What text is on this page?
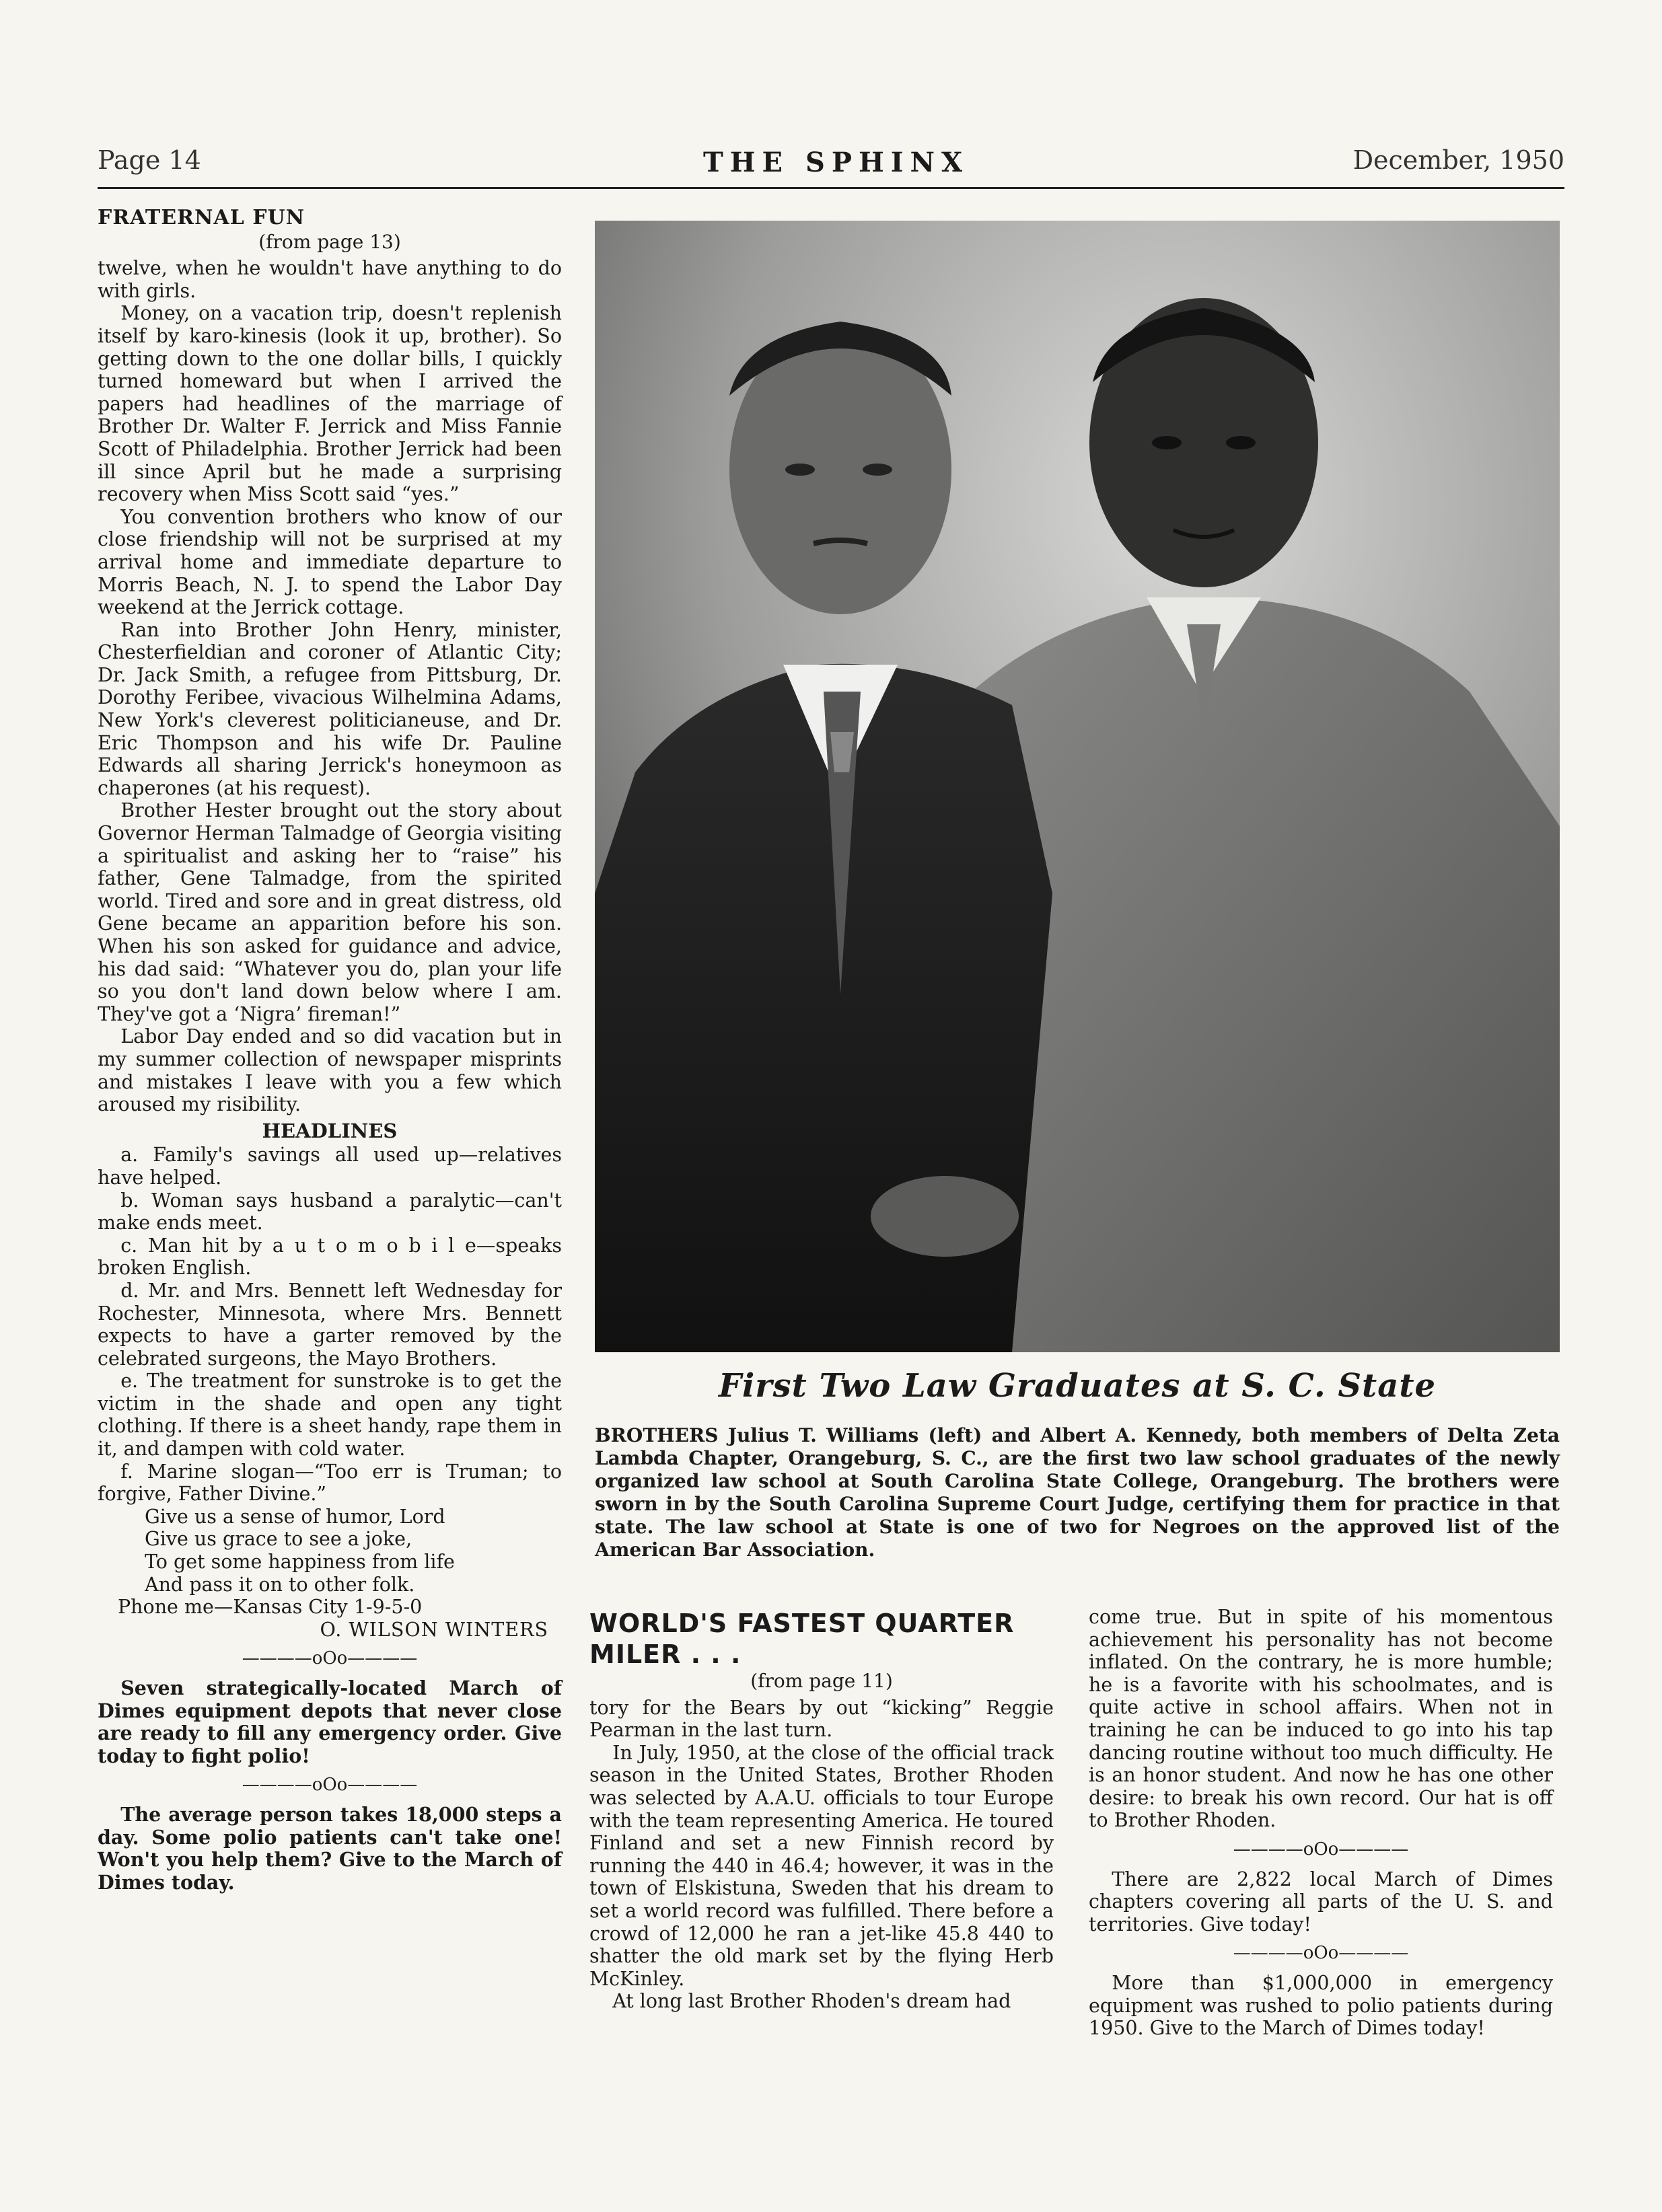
Page 14	THE SPHINX	December, 1950

FRATERNAL FUN

(from page 13)

twelve, when he wouldn't have anything to do with girls.

Money, on a vacation trip, doesn't replenish itself by karo-kinesis (look it up, brother). So getting down to the one dollar bills, I quickly turned homeward but when I arrived the papers had headlines of the marriage of Brother Dr. Walter F. Jerrick and Miss Fannie Scott of Philadelphia. Brother Jerrick had been ill since April but he made a surprising recovery when Miss Scott said “yes.”

You convention brothers who know of our close friendship will not be surprised at my arrival home and immediate departure to Morris Beach, N. J. to spend the Labor Day weekend at the Jerrick cottage.

Ran into Brother John Henry, minister, Chesterfieldian and coroner of Atlantic City; Dr. Jack Smith, a refugee from Pittsburg, Dr. Dorothy Feribee, vivacious Wilhelmina Adams, New York's cleverest politicianeuse, and Dr. Eric Thompson and his wife Dr. Pauline Edwards all sharing Jerrick's honeymoon as chaperones (at his request).

Brother Hester brought out the story about Governor Herman Talmadge of Georgia visiting a spiritualist and asking her to “raise” his father, Gene Talmadge, from the spirited world. Tired and sore and in great distress, old Gene became an apparition before his son. When his son asked for guidance and advice, his dad said: “Whatever you do, plan your life so you don't land down below where I am. They've got a ‘Nigra’ fireman!”

Labor Day ended and so did vacation but in my summer collection of newspaper misprints and mistakes I leave with you a few which aroused my risibility.

HEADLINES

a. Family's savings all used up—relatives have helped.
b. Woman says husband a paralytic—can't make ends meet.
c. Man hit by a u t o m o b i l e—speaks broken English.
d. Mr. and Mrs. Bennett left Wednesday for Rochester, Minnesota, where Mrs. Bennett expects to have a garter removed by the celebrated surgeons, the Mayo Brothers.
e. The treatment for sunstroke is to get the victim in the shade and open any tight clothing. If there is a sheet handy, rape them in it, and dampen with cold water.
f. Marine slogan—“Too err is Truman; to forgive, Father Divine.”

Give us a sense of humor, Lord

Give us grace to see a joke,

To get some happiness from life

And pass it on to other folk.

Phone me—Kansas City 1-9-5-0

O. WILSON WINTERS

————oOo————

Seven strategically-located March of Dimes equipment depots that never close are ready to fill any emergency order. Give today to fight polio!

————oOo————

The average person takes 18,000 steps a day. Some polio patients can't take one! Won't you help them? Give to the March of Dimes today.

First Two Law Graduates at S. C. State
BROTHERS Julius T. Williams (left) and Albert A. Kennedy, both members of Delta Zeta Lambda Chapter, Orangeburg, S. C., are the first two law school graduates of the newly organized law school at South Carolina State College, Orangeburg. The brothers were sworn in by the South Carolina Supreme Court Judge, certifying them for practice in that state. The law school at State is one of two for Negroes on the approved list of the American Bar Association.

WORLD'S FASTEST QUARTER MILER . . .

(from page 11)

tory for the Bears by out “kicking” Reggie Pearman in the last turn.

In July, 1950, at the close of the official track season in the United States, Brother Rhoden was selected by A.A.U. officials to tour Europe with the team representing America. He toured Finland and set a new Finnish record by running the 440 in 46.4; however, it was in the town of Elskistuna, Sweden that his dream to set a world record was fulfilled. There before a crowd of 12,000 he ran a jet-like 45.8 440 to shatter the old mark set by the flying Herb McKinley.

At long last Brother Rhoden's dream had

come true. But in spite of his momentous achievement his personality has not become inflated. On the contrary, he is more humble; he is a favorite with his schoolmates, and is quite active in school affairs. When not in training he can be induced to go into his tap dancing routine without too much difficulty. He is an honor student. And now he has one other desire: to break his own record. Our hat is off to Brother Rhoden.

————oOo————

There are 2,822 local March of Dimes chapters covering all parts of the U. S. and territories. Give today!

————oOo————

More than $1,000,000 in emergency equipment was rushed to polio patients during 1950. Give to the March of Dimes today!
